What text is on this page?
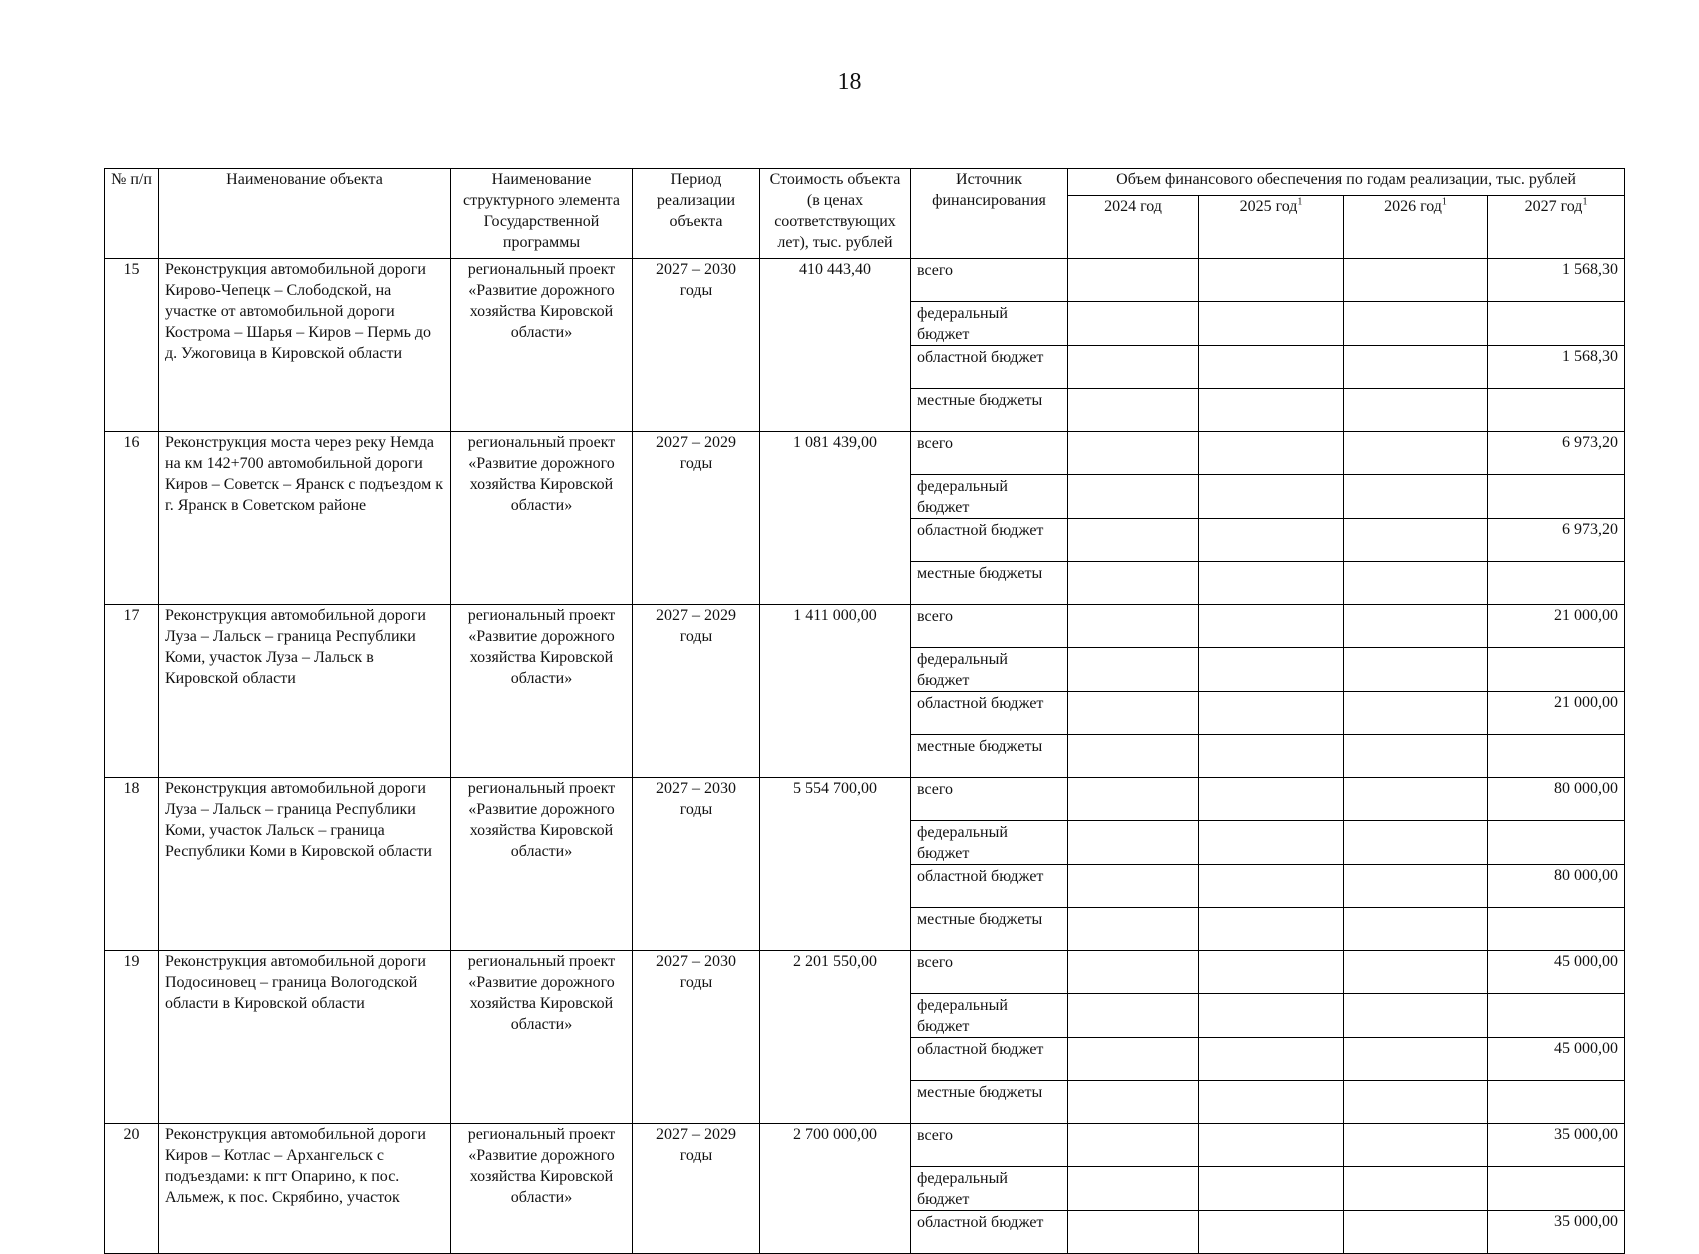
18
№ п/п	Наименование объекта	Наименование структурного элемента Государственной программы	Период реализации объекта	Стоимость объекта (в ценах соответствующих лет), тыс. рублей	Источник финансирования	Объем финансового обеспечения по годам реализации, тыс. рублей			
						2024 год	2025 год$^1$	2026 год$^1$	2027 год$^1$
15	Реконструкция автомобильной дороги Кирово-Чепецк – Слободской, на участке от автомобильной дороги Кострома – Шарья – Киров – Пермь до д. Ужоговица в Кировской области	региональный проект «Развитие дорожного хозяйства Кировской области»	2027 – 2030 годы	410 443,40	всего				1 568,30
					федеральный бюджет				
					областной бюджет				1 568,30
					местные бюджеты				
16	Реконструкция моста через реку Немда на км 142+700 автомобильной дороги Киров – Советск – Яранск с подъездом к г. Яранск в Советском районе	региональный проект «Развитие дорожного хозяйства Кировской области»	2027 – 2029 годы	1 081 439,00	всего				6 973,20
					федеральный бюджет				
					областной бюджет				6 973,20
					местные бюджеты				
17	Реконструкция автомобильной дороги Луза – Лальск – граница Республики Коми, участок Луза – Лальск в Кировской области	региональный проект «Развитие дорожного хозяйства Кировской области»	2027 – 2029 годы	1 411 000,00	всего				21 000,00
					федеральный бюджет				
					областной бюджет				21 000,00
					местные бюджеты				
18	Реконструкция автомобильной дороги Луза – Лальск – граница Республики Коми, участок Лальск – граница Республики Коми в Кировской области	региональный проект «Развитие дорожного хозяйства Кировской области»	2027 – 2030 годы	5 554 700,00	всего				80 000,00
					федеральный бюджет				
					областной бюджет				80 000,00
					местные бюджеты				
19	Реконструкция автомобильной дороги Подосиновец – граница Вологодской области в Кировской области	региональный проект «Развитие дорожного хозяйства Кировской области»	2027 – 2030 годы	2 201 550,00	всего				45 000,00
					федеральный бюджет				
					областной бюджет				45 000,00
					местные бюджеты				
20	Реконструкция автомобильной дороги Киров – Котлас – Архангельск с подъездами: к пгт Опарино, к пос. Альмеж, к пос. Скрябино, участок	региональный проект «Развитие дорожного хозяйства Кировской области»	2027 – 2029 годы	2 700 000,00	всего				35 000,00
					федеральный бюджет				
					областной бюджет				35 000,00
